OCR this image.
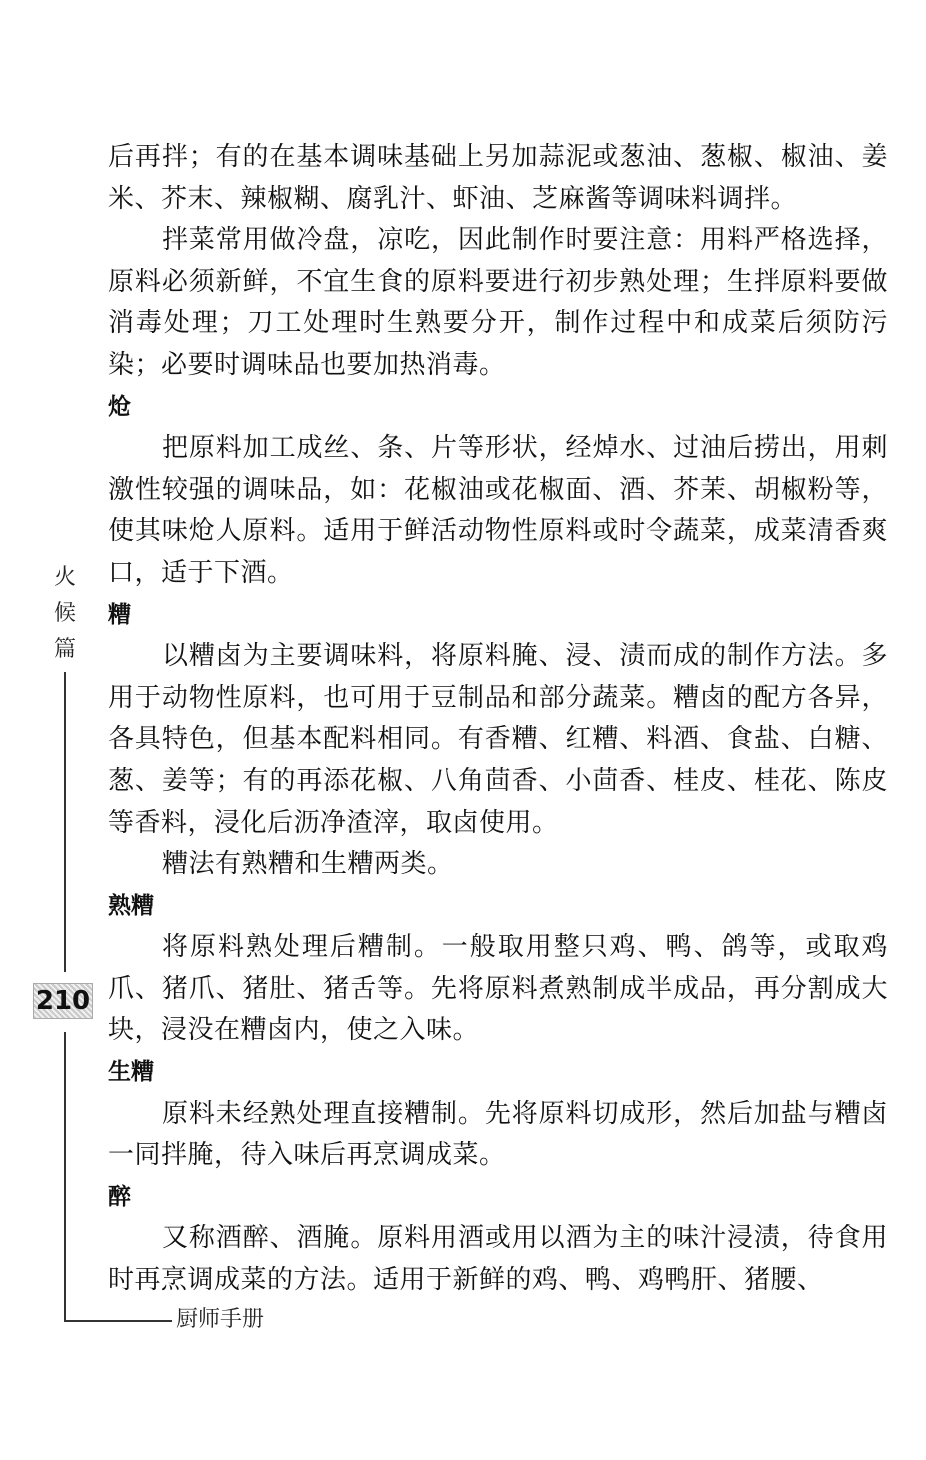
后再拌；有的在基本调味基础上另加蒜泥或葱油、葱椒、椒油、姜米、芥末、辣椒糊、腐乳汁、虾油、芝麻酱等调味料调拌。

拌菜常用做冷盘，凉吃，因此制作时要注意：用料严格选择，原料必须新鲜，不宜生食的原料要进行初步熟处理；生拌原料要做消毒处理；刀工处理时生熟要分开，制作过程中和成菜后须防污染；必要时调味品也要加热消毒。

炝

把原料加工成丝、条、片等形状，经焯水、过油后捞出，用刺激性较强的调味品，如：花椒油或花椒面、酒、芥茉、胡椒粉等，使其味炝人原料。适用于鲜活动物性原料或时令蔬菜，成菜清香爽口，适于下酒。

糟

以糟卤为主要调味料，将原料腌、浸、渍而成的制作方法。多用于动物性原料，也可用于豆制品和部分蔬菜。糟卤的配方各异，各具特色，但基本配料相同。有香糟、红糟、料酒、食盐、白糖、葱、姜等；有的再添花椒、八角茴香、小茴香、桂皮、桂花、陈皮等香料，浸化后沥净渣滓，取卤使用。

糟法有熟糟和生糟两类。

熟糟

将原料熟处理后糟制。一般取用整只鸡、鸭、鸽等，或取鸡爪、猪爪、猪肚、猪舌等。先将原料煮熟制成半成品，再分割成大块，浸没在糟卤内，使之入味。

生糟

原料未经熟处理直接糟制。先将原料切成形，然后加盐与糟卤一同拌腌，待入味后再烹调成菜。

醉

又称酒醉、酒腌。原料用酒或用以酒为主的味汁浸渍，待食用时再烹调成菜的方法。适用于新鲜的鸡、鸭、鸡鸭肝、猪腰、

火候篇
210
厨师手册
